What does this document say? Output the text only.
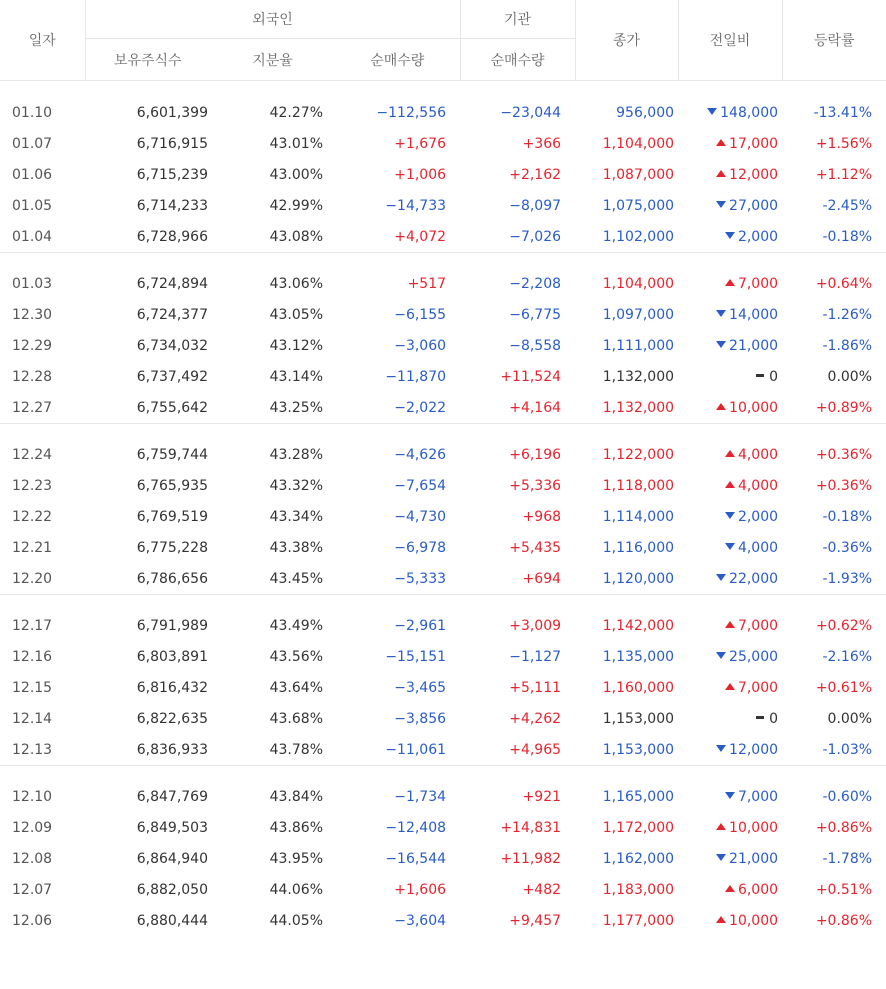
일자	외국인			기관	종가	전일비	등락률
	보유주식수	지분율	순매수량	순매수량			

01.10	6,601,399	42.27%	−112,556	−23,044	956,000	148,000	-13.41%
01.07	6,716,915	43.01%	+1,676	+366	1,104,000	17,000	+1.56%
01.06	6,715,239	43.00%	+1,006	+2,162	1,087,000	12,000	+1.12%
01.05	6,714,233	42.99%	−14,733	−8,097	1,075,000	27,000	-2.45%
01.04	6,728,966	43.08%	+4,072	−7,026	1,102,000	2,000	-0.18%

01.03	6,724,894	43.06%	+517	−2,208	1,104,000	7,000	+0.64%
12.30	6,724,377	43.05%	−6,155	−6,775	1,097,000	14,000	-1.26%
12.29	6,734,032	43.12%	−3,060	−8,558	1,111,000	21,000	-1.86%
12.28	6,737,492	43.14%	−11,870	+11,524	1,132,000	0	0.00%
12.27	6,755,642	43.25%	−2,022	+4,164	1,132,000	10,000	+0.89%

12.24	6,759,744	43.28%	−4,626	+6,196	1,122,000	4,000	+0.36%
12.23	6,765,935	43.32%	−7,654	+5,336	1,118,000	4,000	+0.36%
12.22	6,769,519	43.34%	−4,730	+968	1,114,000	2,000	-0.18%
12.21	6,775,228	43.38%	−6,978	+5,435	1,116,000	4,000	-0.36%
12.20	6,786,656	43.45%	−5,333	+694	1,120,000	22,000	-1.93%

12.17	6,791,989	43.49%	−2,961	+3,009	1,142,000	7,000	+0.62%
12.16	6,803,891	43.56%	−15,151	−1,127	1,135,000	25,000	-2.16%
12.15	6,816,432	43.64%	−3,465	+5,111	1,160,000	7,000	+0.61%
12.14	6,822,635	43.68%	−3,856	+4,262	1,153,000	0	0.00%
12.13	6,836,933	43.78%	−11,061	+4,965	1,153,000	12,000	-1.03%

12.10	6,847,769	43.84%	−1,734	+921	1,165,000	7,000	-0.60%
12.09	6,849,503	43.86%	−12,408	+14,831	1,172,000	10,000	+0.86%
12.08	6,864,940	43.95%	−16,544	+11,982	1,162,000	21,000	-1.78%
12.07	6,882,050	44.06%	+1,606	+482	1,183,000	6,000	+0.51%
12.06	6,880,444	44.05%	−3,604	+9,457	1,177,000	10,000	+0.86%
